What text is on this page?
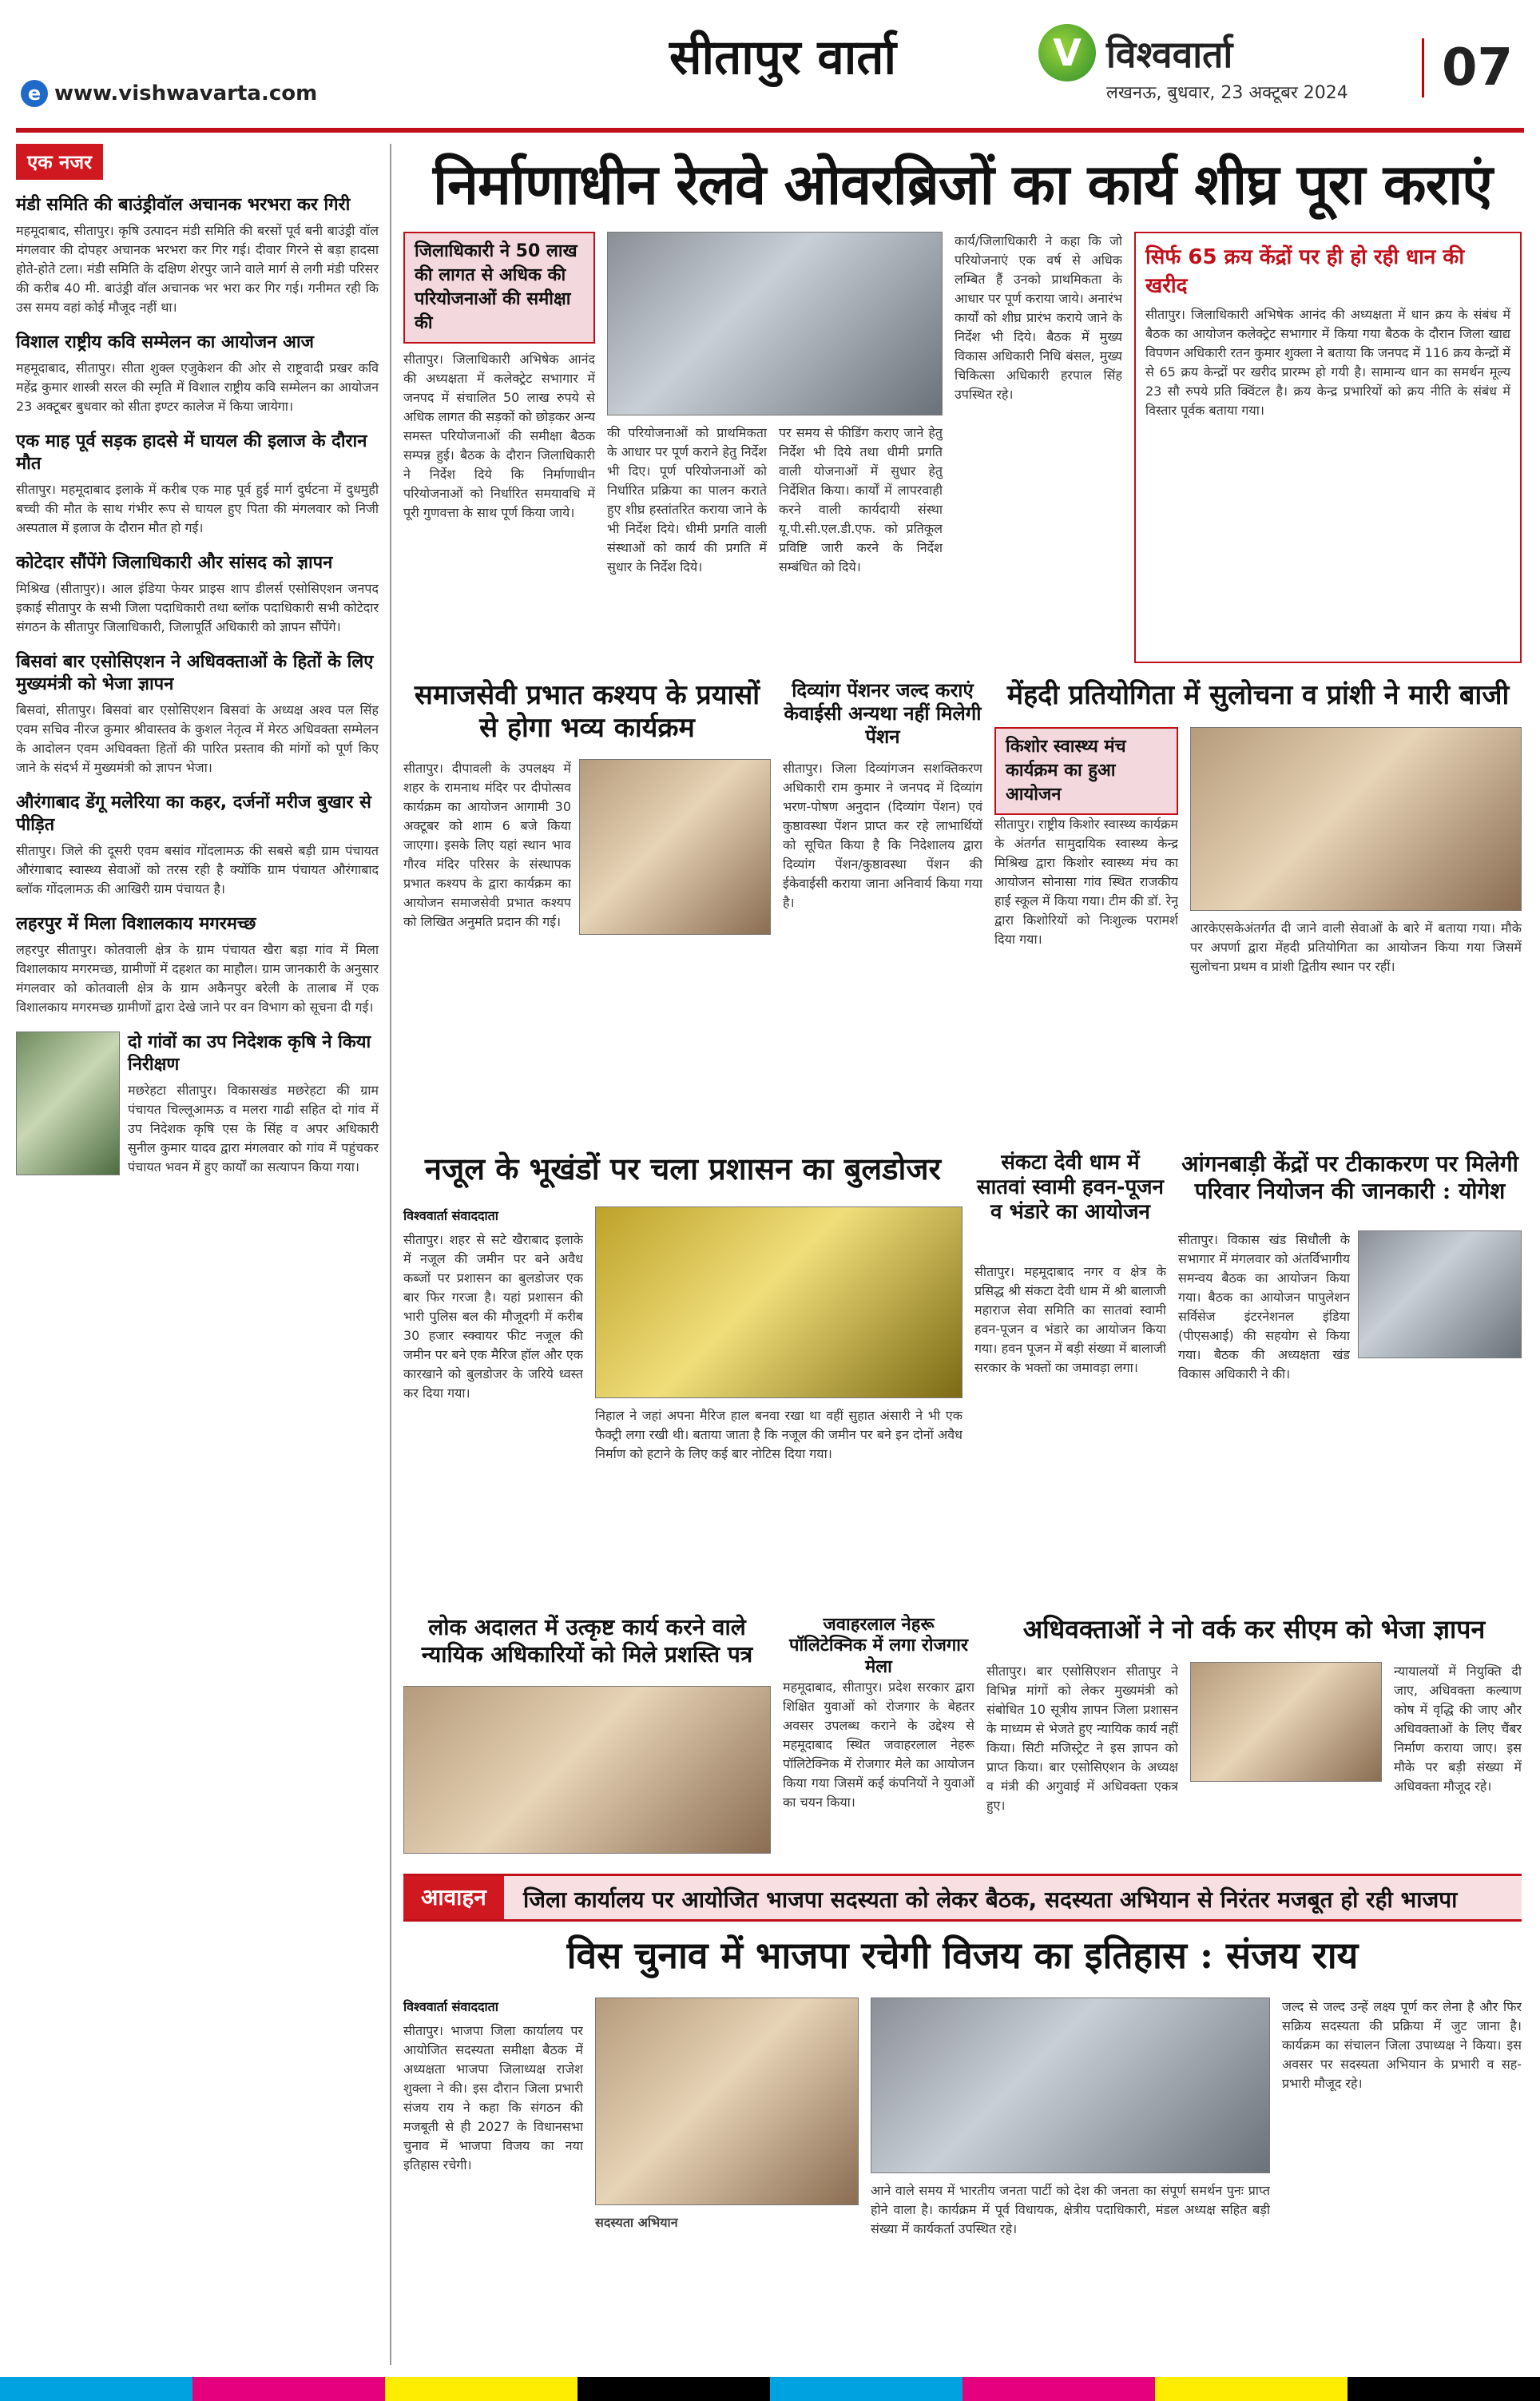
e www.vishwavarta.com
सीतापुर वार्ता	V विश्ववार्ता
लखनऊ, बुधवार, 23 अक्टूबर 2024	07
एक नजर
मंडी समिति की बाउंड्रीवॉल अचानक भरभरा कर गिरी
महमूदाबाद, सीतापुर। कृषि उत्पादन मंडी समिति की बरसों पूर्व बनी बाउंड्री वॉल मंगलवार की दोपहर अचानक भरभरा कर गिर गई। दीवार गिरने से बड़ा हादसा होते-होते टला। मंडी समिति के दक्षिण शेरपुर जाने वाले मार्ग से लगी मंडी परिसर की करीब 40 मी. बाउंड्री वॉल अचानक भर भरा कर गिर गई। गनीमत रही कि उस समय वहां कोई मौजूद नहीं था।
विशाल राष्ट्रीय कवि सम्मेलन का आयोजन आज
महमूदाबाद, सीतापुर। सीता शुक्ल एजुकेशन की ओर से राष्ट्रवादी प्रखर कवि महेंद्र कुमार शास्त्री सरल की स्मृति में विशाल राष्ट्रीय कवि सम्मेलन का आयोजन 23 अक्टूबर बुधवार को सीता इण्टर कालेज में किया जायेगा।
एक माह पूर्व सड़क हादसे में घायल की इलाज के दौरान मौत
सीतापुर। महमूदाबाद इलाके में करीब एक माह पूर्व हुई मार्ग दुर्घटना में दुधमुही बच्ची की मौत के साथ गंभीर रूप से घायल हुए पिता की मंगलवार को निजी अस्पताल में इलाज के दौरान मौत हो गई।
कोटेदार सौंपेंगे जिलाधिकारी और सांसद को ज्ञापन
मिश्रिख (सीतापुर)। आल इंडिया फेयर प्राइस शाप डीलर्स एसोसिएशन जनपद इकाई सीतापुर के सभी जिला पदाधिकारी तथा ब्लॉक पदाधिकारी सभी कोटेदार संगठन के सीतापुर जिलाधिकारी, जिलापूर्ति अधिकारी को ज्ञापन सौंपेंगे।
बिसवां बार एसोसिएशन ने अधिवक्ताओं के हितों के लिए मुख्यमंत्री को भेजा ज्ञापन
बिसवां, सीतापुर। बिसवां बार एसोसिएशन बिसवां के अध्यक्ष अश्व पल सिंह एवम सचिव नीरज कुमार श्रीवास्तव के कुशल नेतृत्व में मेरठ अधिवक्ता सम्मेलन के आदोलन एवम अधिवक्ता हितों की पारित प्रस्ताव की मांगों को पूर्ण किए जाने के संदर्भ में मुख्यमंत्री को ज्ञापन भेजा।
औरंगाबाद डेंगू मलेरिया का कहर, दर्जनों मरीज बुखार से पीड़ित
सीतापुर। जिले की दूसरी एवम बसांव गोंदलामऊ की सबसे बड़ी ग्राम पंचायत औरंगाबाद स्वास्थ्य सेवाओं को तरस रही है क्योंकि ग्राम पंचायत औरंगाबाद ब्लॉक गोंदलामऊ की आखिरी ग्राम पंचायत है।
लहरपुर में मिला विशालकाय मगरमच्छ
लहरपुर सीतापुर। कोतवाली क्षेत्र के ग्राम पंचायत खैरा बड़ा गांव में मिला विशालकाय मगरमच्छ, ग्रामीणों में दहशत का माहौल। ग्राम जानकारी के अनुसार मंगलवार को कोतवाली क्षेत्र के ग्राम अकैनपुर बरेली के तालाब में एक विशालकाय मगरमच्छ ग्रामीणों द्वारा देखे जाने पर वन विभाग को सूचना दी गई।
दो गांवों का उप निदेशक कृषि ने किया निरीक्षण
मछरेहटा सीतापुर। विकासखंड मछरेहटा की ग्राम पंचायत चिल्लूआमऊ व मलरा गाढी सहित दो गांव में उप निदेशक कृषि एस के सिंह व अपर अधिकारी सुनील कुमार यादव द्वारा मंगलवार को गांव में पहुंचकर पंचायत भवन में हुए कार्यों का सत्यापन किया गया।
निर्माणाधीन रेलवे ओवरब्रिजों का कार्य शीघ्र पूरा कराएं
जिलाधिकारी ने 50 लाख की लागत से अधिक की परियोजनाओं की समीक्षा की
सीतापुर। जिलाधिकारी अभिषेक आनंद की अध्यक्षता में कलेक्ट्रेट सभागार में जनपद में संचालित 50 लाख रुपये से अधिक लागत की सड़कों को छोड़कर अन्य समस्त परियोजनाओं की समीक्षा बैठक सम्पन्न हुई। बैठक के दौरान जिलाधिकारी ने निर्देश दिये कि निर्माणाधीन परियोजनाओं को निर्धारित समयावधि में पूरी गुणवत्ता के साथ पूर्ण किया जाये।
की परियोजनाओं को प्राथमिकता के आधार पर पूर्ण कराने हेतु निर्देश भी दिए। पूर्ण परियोजनाओं को निर्धारित प्रक्रिया का पालन कराते हुए शीघ्र हस्तांतरित कराया जाने के भी निर्देश दिये। धीमी प्रगति वाली संस्थाओं को कार्य की प्रगति में सुधार के निर्देश दिये।
पर समय से फीडिंग कराए जाने हेतु निर्देश भी दिये तथा धीमी प्रगति वाली योजनाओं में सुधार हेतु निर्देशित किया। कार्यों में लापरवाही करने वाली कार्यदायी संस्था यू.पी.सी.एल.डी.एफ. को प्रतिकूल प्रविष्टि जारी करने के निर्देश सम्बंधित को दिये।
कार्य/जिलाधिकारी ने कहा कि जो परियोजनाएं एक वर्ष से अधिक लम्बित हैं उनको प्राथमिकता के आधार पर पूर्ण कराया जाये। अनारंभ कार्यों को शीघ्र प्रारंभ कराये जाने के निर्देश भी दिये। बैठक में मुख्य विकास अधिकारी निधि बंसल, मुख्य चिकित्सा अधिकारी हरपाल सिंह उपस्थित रहे।
सिर्फ 65 क्रय केंद्रों पर ही हो रही धान की खरीद
सीतापुर। जिलाधिकारी अभिषेक आनंद की अध्यक्षता में धान क्रय के संबंध में बैठक का आयोजन कलेक्ट्रेट सभागार में किया गया बैठक के दौरान जिला खाद्य विपणन अधिकारी रतन कुमार शुक्ला ने बताया कि जनपद में 116 क्रय केन्द्रों में से 65 क्रय केन्द्रों पर खरीद प्रारम्भ हो गयी है। सामान्य धान का समर्थन मूल्य 23 सौ रुपये प्रति क्विंटल है। क्रय केन्द्र प्रभारियों को क्रय नीति के संबंध में विस्तार पूर्वक बताया गया।
समाजसेवी प्रभात कश्यप के प्रयासों से होगा भव्य कार्यक्रम
सीतापुर। दीपावली के उपलक्ष्य में शहर के रामनाथ मंदिर पर दीपोत्सव कार्यक्रम का आयोजन आगामी 30 अक्टूबर को शाम 6 बजे किया जाएगा। इसके लिए यहां स्थान भाव गौरव मंदिर परिसर के संस्थापक प्रभात कश्यप के द्वारा कार्यक्रम का आयोजन समाजसेवी प्रभात कश्यप को लिखित अनुमति प्रदान की गई।
दिव्यांग पेंशनर जल्द कराएं केवाईसी अन्यथा नहीं मिलेगी पेंशन
सीतापुर। जिला दिव्यांगजन सशक्तिकरण अधिकारी राम कुमार ने जनपद में दिव्यांग भरण-पोषण अनुदान (दिव्यांग पेंशन) एवं कुष्ठावस्था पेंशन प्राप्त कर रहे लाभार्थियों को सूचित किया है कि निदेशालय द्वारा दिव्यांग पेंशन/कुष्ठावस्था पेंशन की ईकेवाईसी कराया जाना अनिवार्य किया गया है।
मेंहदी प्रतियोगिता में सुलोचना व प्रांशी ने मारी बाजी
किशोर स्वास्थ्य मंच कार्यक्रम का हुआ आयोजन
सीतापुर। राष्ट्रीय किशोर स्वास्थ्य कार्यक्रम के अंतर्गत सामुदायिक स्वास्थ्य केन्द्र मिश्रिख द्वारा किशोर स्वास्थ्य मंच का आयोजन सोनासा गांव स्थित राजकीय हाई स्कूल में किया गया। टीम की डॉ. रेनू द्वारा किशोरियों को निःशुल्क परामर्श दिया गया।
आरकेएसकेअंतर्गत दी जाने वाली सेवाओं के बारे में बताया गया। मौके पर अपर्णा द्वारा मेंहदी प्रतियोगिता का आयोजन किया गया जिसमें सुलोचना प्रथम व प्रांशी द्वितीय स्थान पर रहीं।
नजूल के भूखंडों पर चला प्रशासन का बुलडोजर
विश्ववार्ता संवाददाता
सीतापुर। शहर से सटे खैराबाद इलाके में नजूल की जमीन पर बने अवैध कब्जों पर प्रशासन का बुलडोजर एक बार फिर गरजा है। यहां प्रशासन की भारी पुलिस बल की मौजूदगी में करीब 30 हजार स्क्वायर फीट नजूल की जमीन पर बने एक मैरिज हॉल और एक कारखाने को बुलडोजर के जरिये ध्वस्त कर दिया गया।
निहाल ने जहां अपना मैरिज हाल बनवा रखा था वहीं सुहात अंसारी ने भी एक फैक्ट्री लगा रखी थी। बताया जाता है कि नजूल की जमीन पर बने इन दोनों अवैध निर्माण को हटाने के लिए कई बार नोटिस दिया गया।
संकटा देवी धाम में सातवां स्वामी हवन-पूजन व भंडारे का आयोजन
सीतापुर। महमूदाबाद नगर व क्षेत्र के प्रसिद्ध श्री संकटा देवी धाम में श्री बालाजी महाराज सेवा समिति का सातवां स्वामी हवन-पूजन व भंडारे का आयोजन किया गया। हवन पूजन में बड़ी संख्या में बालाजी सरकार के भक्तों का जमावड़ा लगा।
आंगनबाड़ी केंद्रों पर टीकाकरण पर मिलेगी परिवार नियोजन की जानकारी : योगेश
सीतापुर। विकास खंड सिधौली के सभागार में मंगलवार को अंतर्विभागीय समन्वय बैठक का आयोजन किया गया। बैठक का आयोजन पापुलेशन सर्विसेज इंटरनेशनल इंडिया (पीएसआई) की सहयोग से किया गया। बैठक की अध्यक्षता खंड विकास अधिकारी ने की।
लोक अदालत में उत्कृष्ट कार्य करने वाले न्यायिक अधिकारियों को मिले प्रशस्ति पत्र
जवाहरलाल नेहरू पॉलिटेक्निक में लगा रोजगार मेला
महमूदाबाद, सीतापुर। प्रदेश सरकार द्वारा शिक्षित युवाओं को रोजगार के बेहतर अवसर उपलब्ध कराने के उद्देश्य से महमूदाबाद स्थित जवाहरलाल नेहरू पॉलिटेक्निक में रोजगार मेले का आयोजन किया गया जिसमें कई कंपनियों ने युवाओं का चयन किया।
अधिवक्ताओं ने नो वर्क कर सीएम को भेजा ज्ञापन
सीतापुर। बार एसोसिएशन सीतापुर ने विभिन्न मांगों को लेकर मुख्यमंत्री को संबोधित 10 सूत्रीय ज्ञापन जिला प्रशासन के माध्यम से भेजते हुए न्यायिक कार्य नहीं किया। सिटी मजिस्ट्रेट ने इस ज्ञापन को प्राप्त किया। बार एसोसिएशन के अध्यक्ष व मंत्री की अगुवाई में अधिवक्ता एकत्र हुए।
न्यायालयों में नियुक्ति दी जाए, अधिवक्ता कल्याण कोष में वृद्धि की जाए और अधिवक्ताओं के लिए चैंबर निर्माण कराया जाए। इस मौके पर बड़ी संख्या में अधिवक्ता मौजूद रहे।
आवाहन	जिला कार्यालय पर आयोजित भाजपा सदस्यता को लेकर बैठक, सदस्यता अभियान से निरंतर मजबूत हो रही भाजपा
विस चुनाव में भाजपा रचेगी विजय का इतिहास : संजय राय
विश्ववार्ता संवाददाता
सीतापुर। भाजपा जिला कार्यालय पर आयोजित सदस्यता समीक्षा बैठक में अध्यक्षता भाजपा जिलाध्यक्ष राजेश शुक्ला ने की। इस दौरान जिला प्रभारी संजय राय ने कहा कि संगठन की मजबूती से ही 2027 के विधानसभा चुनाव में भाजपा विजय का नया इतिहास रचेगी।
आने वाले समय में भारतीय जनता पार्टी को देश की जनता का संपूर्ण समर्थन पुनः प्राप्त होने वाला है। कार्यक्रम में पूर्व विधायक, क्षेत्रीय पदाधिकारी, मंडल अध्यक्ष सहित बड़ी संख्या में कार्यकर्ता उपस्थित रहे।
जल्द से जल्द उन्हें लक्ष्य पूर्ण कर लेना है और फिर सक्रिय सदस्यता की प्रक्रिया में जुट जाना है। कार्यक्रम का संचालन जिला उपाध्यक्ष ने किया। इस अवसर पर सदस्यता अभियान के प्रभारी व सह-प्रभारी मौजूद रहे।
सदस्यता अभियान
